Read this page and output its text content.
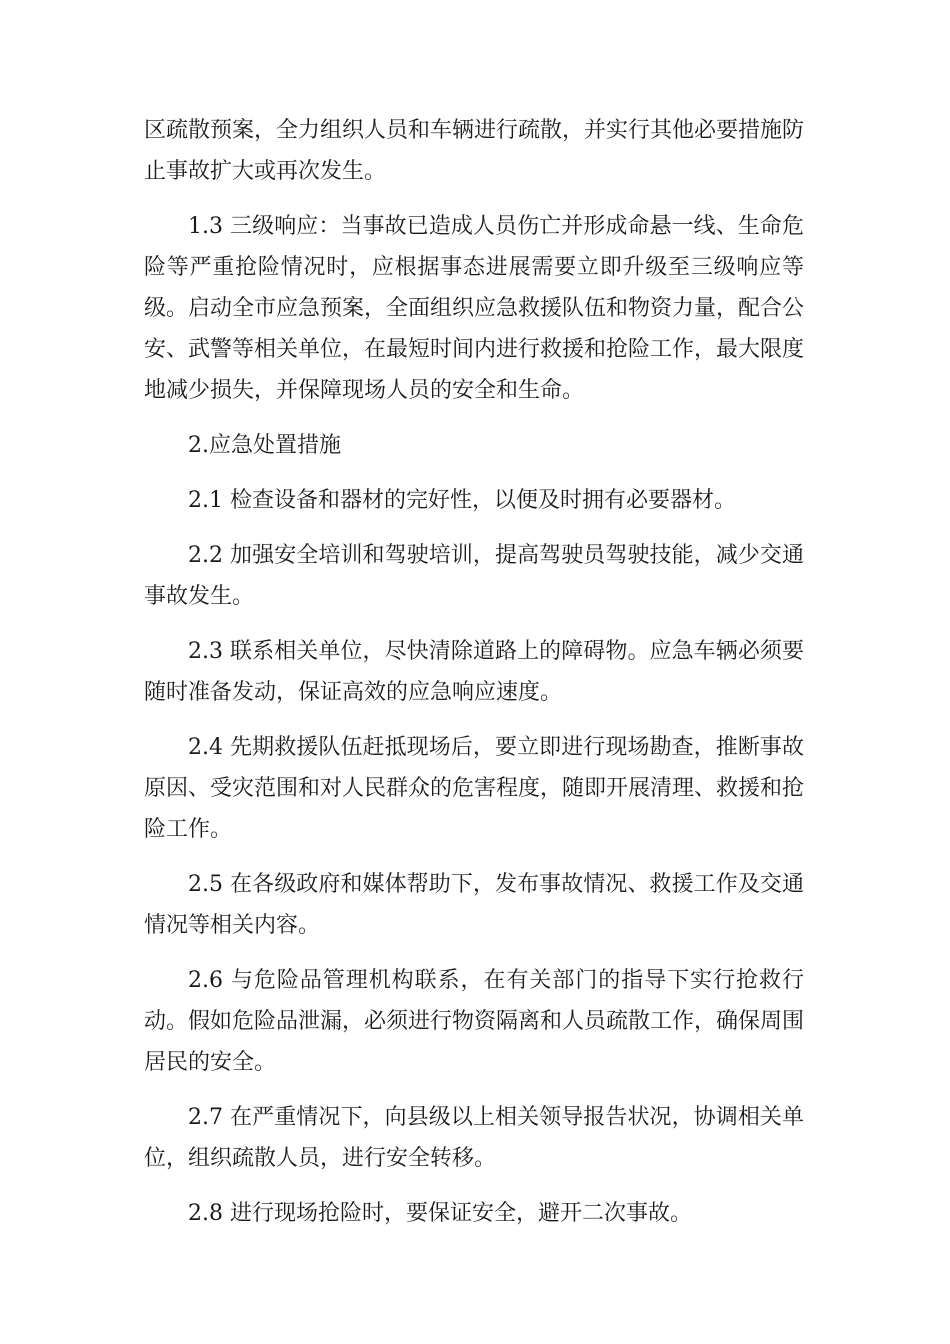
区疏散预案，全力组织人员和车辆进行疏散，并实行其他必要措施防止事故扩大或再次发生。

1.3 三级响应：当事故已造成人员伤亡并形成命悬一线、生命危险等严重抢险情况时，应根据事态进展需要立即升级至三级响应等级。启动全市应急预案，全面组织应急救援队伍和物资力量，配合公安、武警等相关单位，在最短时间内进行救援和抢险工作，最大限度地减少损失，并保障现场人员的安全和生命。

2.应急处置措施

2.1 检查设备和器材的完好性，以便及时拥有必要器材。

2.2 加强安全培训和驾驶培训，提高驾驶员驾驶技能，减少交通事故发生。

2.3 联系相关单位，尽快清除道路上的障碍物。应急车辆必须要随时准备发动，保证高效的应急响应速度。

2.4 先期救援队伍赶抵现场后，要立即进行现场勘查，推断事故原因、受灾范围和对人民群众的危害程度，随即开展清理、救援和抢险工作。

2.5 在各级政府和媒体帮助下，发布事故情况、救援工作及交通情况等相关内容。

2.6 与危险品管理机构联系，在有关部门的指导下实行抢救行动。假如危险品泄漏，必须进行物资隔离和人员疏散工作，确保周围居民的安全。

2.7 在严重情况下，向县级以上相关领导报告状况，协调相关单位，组织疏散人员，进行安全转移。

2.8 进行现场抢险时，要保证安全，避开二次事故。
